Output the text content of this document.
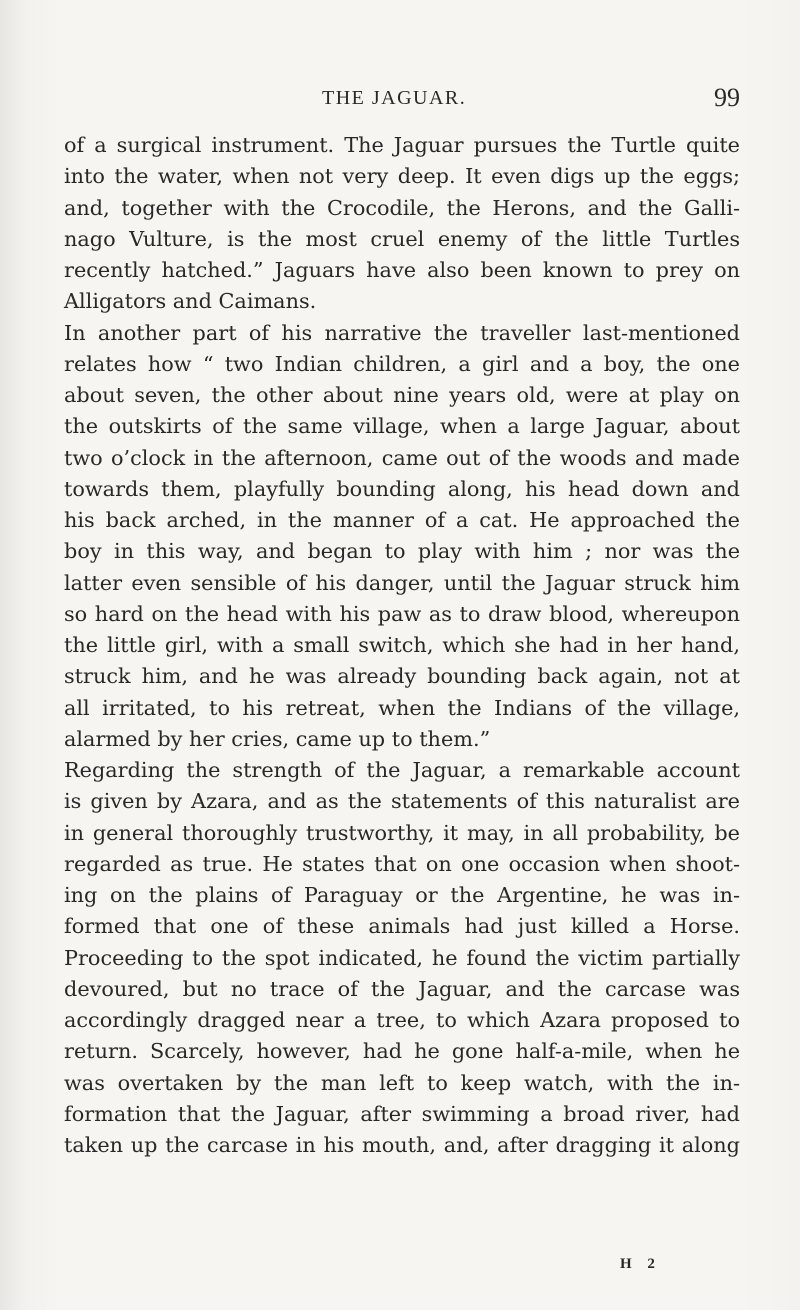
THE JAGUAR.	99
of a surgical instrument. The Jaguar pursues the Turtle quite
into the water, when not very deep. It even digs up the eggs;
and, together with the Crocodile, the Herons, and the Galli-
nago Vulture, is the most cruel enemy of the little Turtles
recently hatched.” Jaguars have also been known to prey on
Alligators and Caimans.
In another part of his narrative the traveller last-mentioned
relates how “ two Indian children, a girl and a boy, the one
about seven, the other about nine years old, were at play on
the outskirts of the same village, when a large Jaguar, about
two o’clock in the afternoon, came out of the woods and made
towards them, playfully bounding along, his head down and
his back arched, in the manner of a cat. He approached the
boy in this way, and began to play with him ; nor was the
latter even sensible of his danger, until the Jaguar struck him
so hard on the head with his paw as to draw blood, whereupon
the little girl, with a small switch, which she had in her hand,
struck him, and he was already bounding back again, not at
all irritated, to his retreat, when the Indians of the village,
alarmed by her cries, came up to them.”
Regarding the strength of the Jaguar, a remarkable account
is given by Azara, and as the statements of this naturalist are
in general thoroughly trustworthy, it may, in all probability, be
regarded as true. He states that on one occasion when shoot-
ing on the plains of Paraguay or the Argentine, he was in-
formed that one of these animals had just killed a Horse.
Proceeding to the spot indicated, he found the victim partially
devoured, but no trace of the Jaguar, and the carcase was
accordingly dragged near a tree, to which Azara proposed to
return. Scarcely, however, had he gone half-a-mile, when he
was overtaken by the man left to keep watch, with the in-
formation that the Jaguar, after swimming a broad river, had
taken up the carcase in his mouth, and, after dragging it along
H 2
